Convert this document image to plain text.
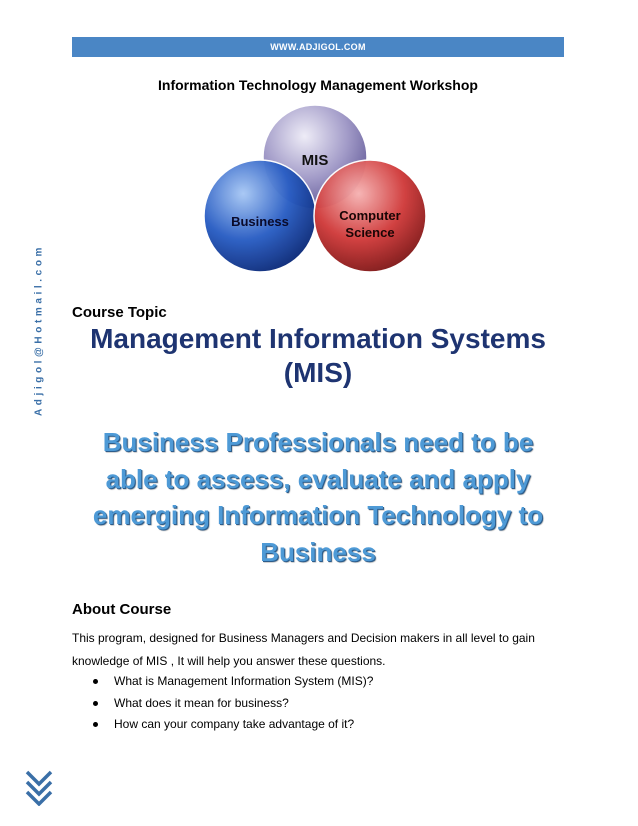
WWW.ADJIGOL.COM
Information Technology Management Workshop
MIS
Business	Computer
Science
Adjigol@Hotmail.com Course Topic
Management Information Systems
(MIS)
Business Professionals need to be
able to assess, evaluate and apply
emerging Information Technology to
Business
About Course
This program, designed for Business Managers and Decision makers in all level to gain knowledge of MIS , It will help you answer these questions.
What is Management Information System (MIS)?
What does it mean for business?
How can your company take advantage of it?
